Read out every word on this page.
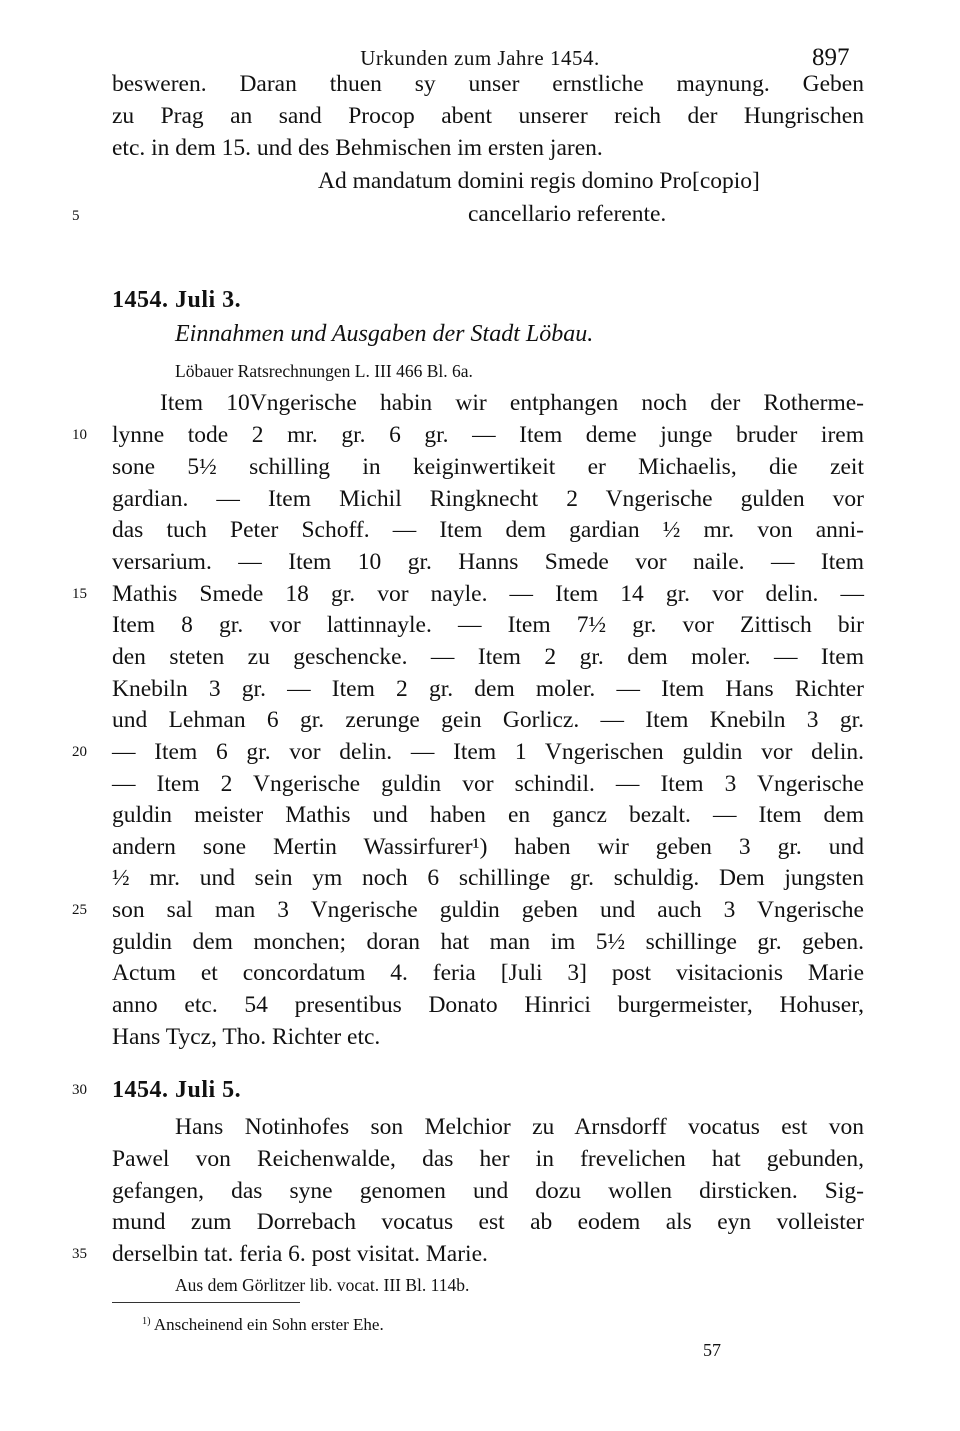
Urkunden zum Jahre 1454.	897
besweren. Daran thuen sy unser ernstliche maynung. Geben
zu Prag an sand Procop abent unserer reich der Hungrischen
etc. in dem 15. und des Behmischen im ersten jaren.
Ad mandatum domini regis domino Pro[copio]
cancellario referente.
5
1454. Juli 3.
Einnahmen und Ausgaben der Stadt Löbau.
Löbauer Ratsrechnungen L. III 466 Bl. 6a.
Item 10Vngerische habin wir entphangen noch der Rotherme-
lynne tode 2 mr. gr. 6 gr. — Item deme junge bruder irem
10
sone 5½ schilling in keiginwertikeit er Michaelis, die zeit
gardian. — Item Michil Ringknecht 2 Vngerische gulden vor
das tuch Peter Schoff. — Item dem gardian ½ mr. von anni-
versarium. — Item 10 gr. Hanns Smede vor naile. — Item
Mathis Smede 18 gr. vor nayle. — Item 14 gr. vor delin. —
15
Item 8 gr. vor lattinnayle. — Item 7½ gr. vor Zittisch bir
den steten zu geschencke. — Item 2 gr. dem moler. — Item
Knebiln 3 gr. — Item 2 gr. dem moler. — Item Hans Richter
und Lehman 6 gr. zerunge gein Gorlicz. — Item Knebiln 3 gr.
— Item 6 gr. vor delin. — Item 1 Vngerischen guldin vor delin.
20
— Item 2 Vngerische guldin vor schindil. — Item 3 Vngerische
guldin meister Mathis und haben en gancz bezalt. — Item dem
andern sone Mertin Wassirfurer¹) haben wir geben 3 gr. und
½ mr. und sein ym noch 6 schillinge gr. schuldig. Dem jungsten
son sal man 3 Vngerische guldin geben und auch 3 Vngerische
25
guldin dem monchen; doran hat man im 5½ schillinge gr. geben.
Actum et concordatum 4. feria [Juli 3] post visitacionis Marie
anno etc. 54 presentibus Donato Hinrici burgermeister, Hohuser,
Hans Tycz, Tho. Richter etc.
1454. Juli 5.
30
Hans Notinhofes son Melchior zu Arnsdorff vocatus est von
Pawel von Reichenwalde, das her in frevelichen hat gebunden,
gefangen, das syne genomen und dozu wollen dirsticken. Sig-
mund zum Dorrebach vocatus est ab eodem als eyn volleister
derselbin tat. feria 6. post visitat. Marie.
35
Aus dem Görlitzer lib. vocat. III Bl. 114b.
$^{1)}$ Anscheinend ein Sohn erster Ehe.
57
